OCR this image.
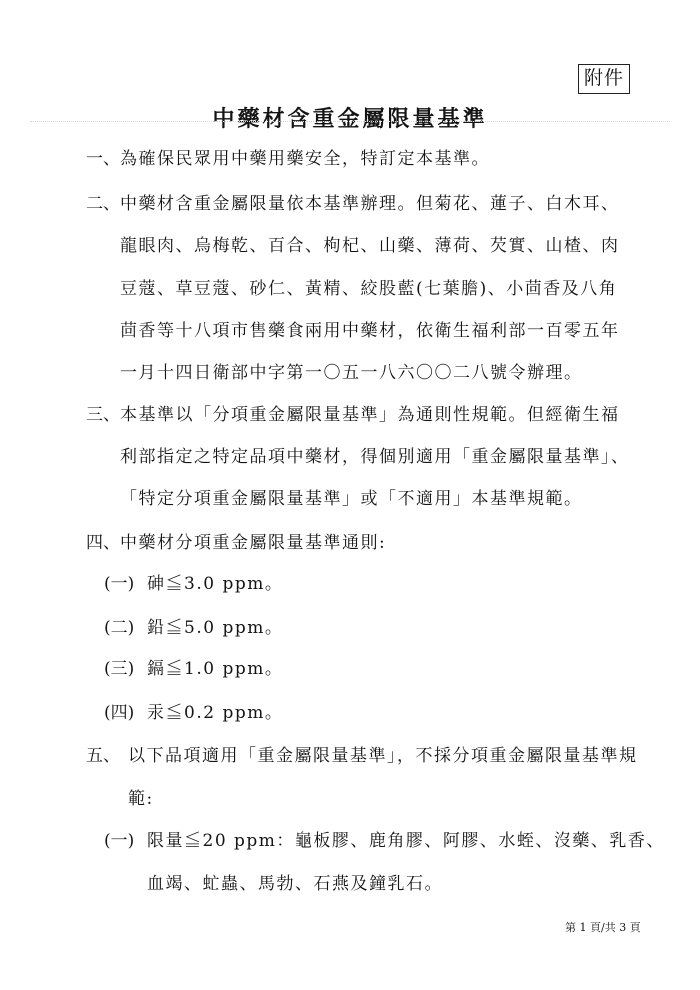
附件
中藥材含重金屬限量基準
一、 為確保民眾用中藥用藥安全，特訂定本基準。
二、 中藥材含重金屬限量依本基準辦理。但菊花、蓮子、白木耳、
龍眼肉、烏梅乾、百合、枸杞、山藥、薄荷、芡實、山楂、肉
豆蔻、草豆蔻、砂仁、黃精、絞股藍(七葉膽)、小茴香及八角
茴香等十八項市售藥食兩用中藥材，依衛生福利部一百零五年
一月十四日衛部中字第一〇五一八六〇〇二八號令辦理。
三、 本基準以「分項重金屬限量基準」為通則性規範。但經衛生福
利部指定之特定品項中藥材，得個別適用「重金屬限量基準」、
「特定分項重金屬限量基準」或「不適用」本基準規範。
四、 中藥材分項重金屬限量基準通則:
(一) 砷≦3.0 ppm。
(二) 鉛≦5.0 ppm。
(三) 鎘≦1.0 ppm。
(四) 汞≦0.2 ppm。
五、 以下品項適用「重金屬限量基準」，不採分項重金屬限量基準規
範:
(一) 限量≦20 ppm：龜板膠、鹿角膠、阿膠、水蛭、沒藥、乳香、
血竭、虻蟲、馬勃、石燕及鐘乳石。
第 1 頁/共 3 頁
